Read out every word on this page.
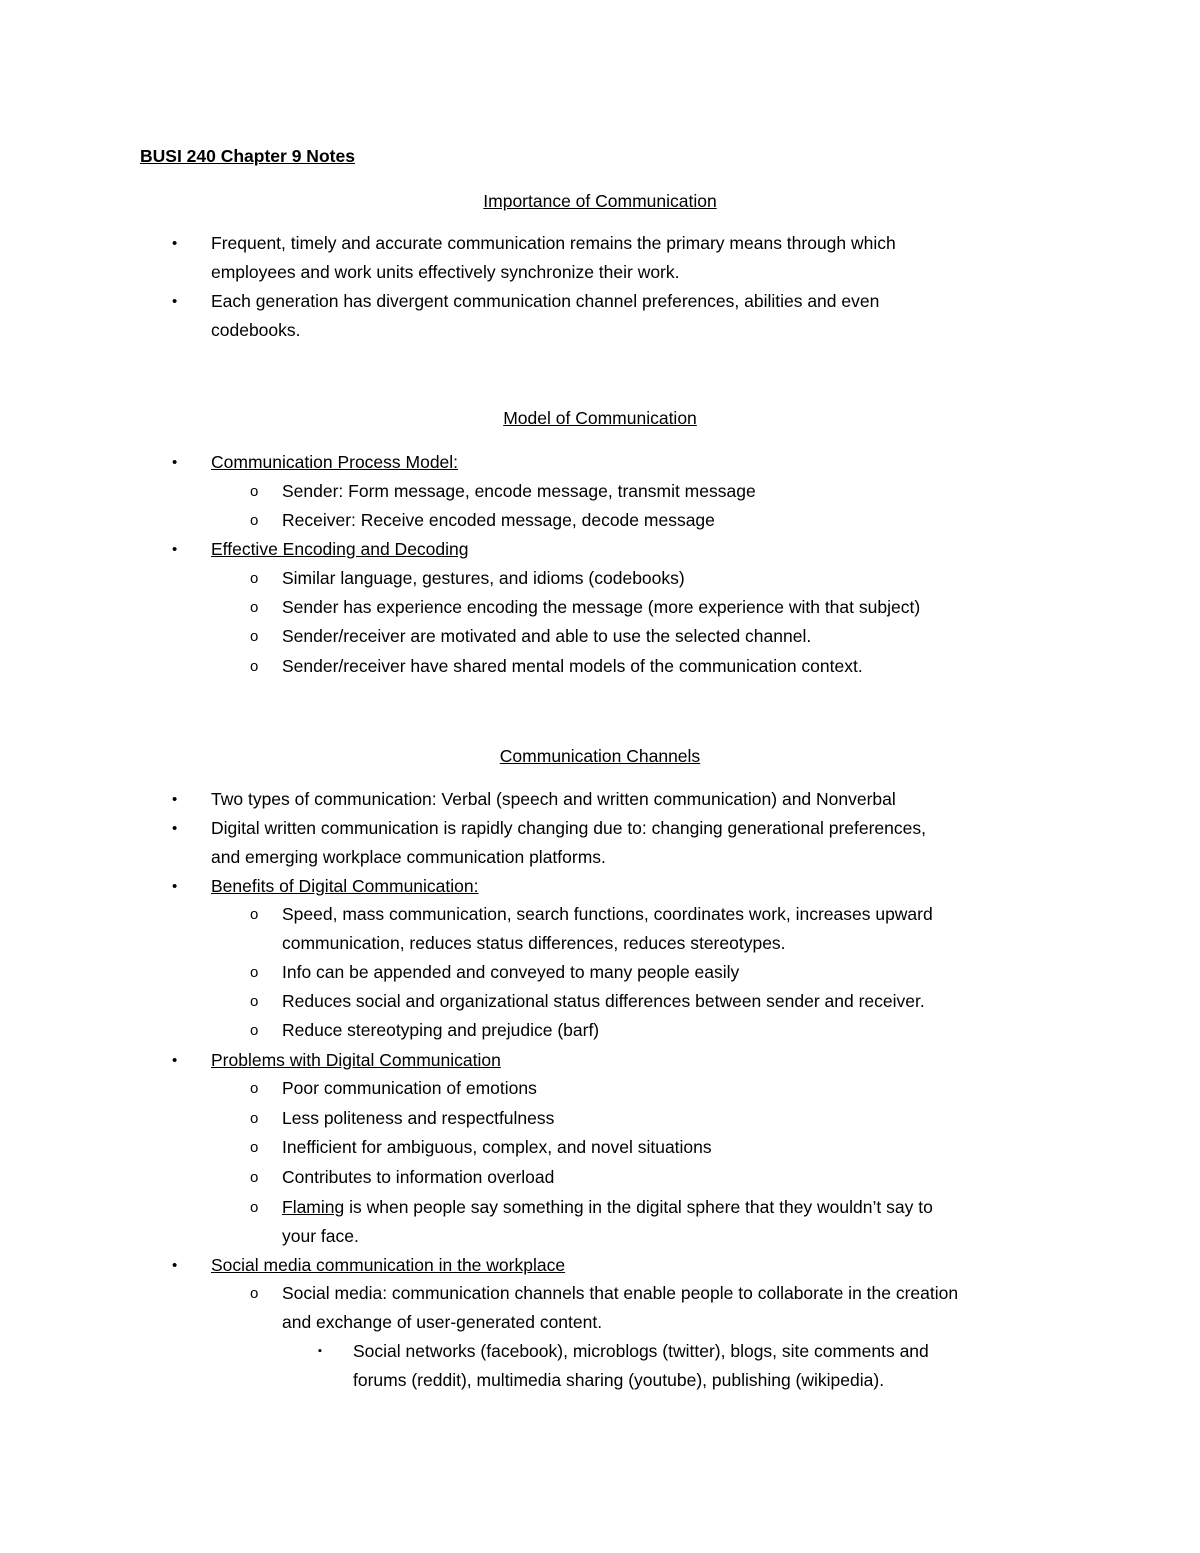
BUSI 240 Chapter 9 Notes
Importance of Communication
• Frequent, timely and accurate communication remains the primary means through which
employees and work units effectively synchronize their work.
• Each generation has divergent communication channel preferences, abilities and even
codebooks.
Model of Communication
• Communication Process Model:
o Sender: Form message, encode message, transmit message
o Receiver: Receive encoded message, decode message
• Effective Encoding and Decoding
o Similar language, gestures, and idioms (codebooks)
o Sender has experience encoding the message (more experience with that subject)
o Sender/receiver are motivated and able to use the selected channel.
o Sender/receiver have shared mental models of the communication context.
Communication Channels
• Two types of communication: Verbal (speech and written communication) and Nonverbal
• Digital written communication is rapidly changing due to: changing generational preferences,
and emerging workplace communication platforms.
• Benefits of Digital Communication:
o Speed, mass communication, search functions, coordinates work, increases upward
communication, reduces status differences, reduces stereotypes.
o Info can be appended and conveyed to many people easily
o Reduces social and organizational status differences between sender and receiver.
o Reduce stereotyping and prejudice (barf)
• Problems with Digital Communication
o Poor communication of emotions
o Less politeness and respectfulness
o Inefficient for ambiguous, complex, and novel situations
o Contributes to information overload
o Flaming is when people say something in the digital sphere that they wouldn’t say to
your face.
• Social media communication in the workplace
o Social media: communication channels that enable people to collaborate in the creation
and exchange of user-generated content.
▪ Social networks (facebook), microblogs (twitter), blogs, site comments and
forums (reddit), multimedia sharing (youtube), publishing (wikipedia).
